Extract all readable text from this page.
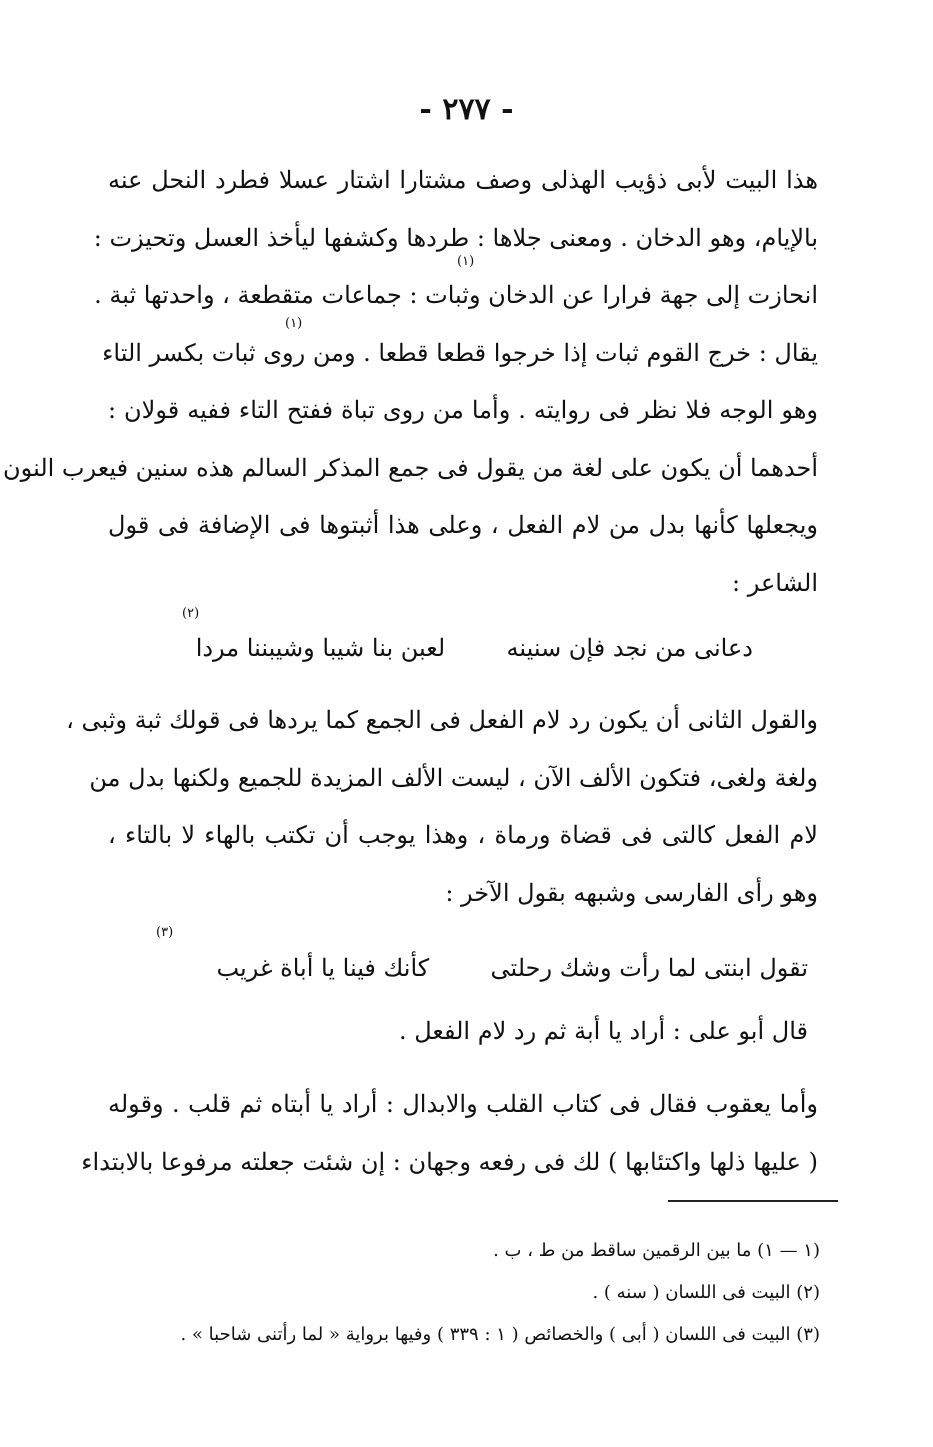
- ٢٧٧ -
هذا البيت لأبى ذؤيب الهذلى وصف مشتارا اشتار عسلا فطرد النحل عنه
بالإيام، وهو الدخان . ومعنى جلاها : طردها وكشفها ليأخذ العسل وتحيزت :
انحازت إلى جهة فرارا عن الدخان وثبات : جماعات متقطعة ، واحدتها ثبة .
يقال : خرج القوم ثبات إذا خرجوا قطعا قطعا . ومن روى ثبات بكسر التاء
وهو الوجه فلا نظر فى روايته . وأما من روى تباة ففتح التاء ففيه قولان :
أحدهما أن يكون على لغة من يقول فى جمع المذكر السالم هذه سنين فيعرب النون
ويجعلها كأنها بدل من لام الفعل ، وعلى هذا أثبتوها فى الإضافة فى قول
الشاعر :
(١)
(١)
دعانى من نجد فإن سنينه  لعبن بنا شيبا وشيبننا مردا
(٢)
والقول الثانى أن يكون رد لام الفعل فى الجمع كما يردها فى قولك ثبة وثبى ،
ولغة ولغى، فتكون الألف الآن ، ليست الألف المزيدة للجميع ولكنها بدل من
لام الفعل كالتى فى قضاة ورماة ، وهذا يوجب أن تكتب بالهاء لا بالتاء ،
وهو رأى الفارسى وشبهه بقول الآخر :
تقول ابنتى لما رأت وشك رحلتى  كأنك فينا يا أباة غريب
(٣)
قال أبو على : أراد يا أبة ثم رد لام الفعل .
وأما يعقوب فقال فى كتاب القلب والابدال : أراد يا أبتاه ثم قلب . وقوله
( عليها ذلها واكتئابها ) لك فى رفعه وجهان : إن شئت جعلته مرفوعا بالابتداء
(١ — ١) ما بين الرقمين ساقط من ط ، ب .
(٢) البيت فى اللسان ( سنه ) .
(٣) البيت فى اللسان ( أبى ) والخصائص ( ١ : ٣٣٩ ) وفيها برواية « لما رأتنى شاحبا » .
